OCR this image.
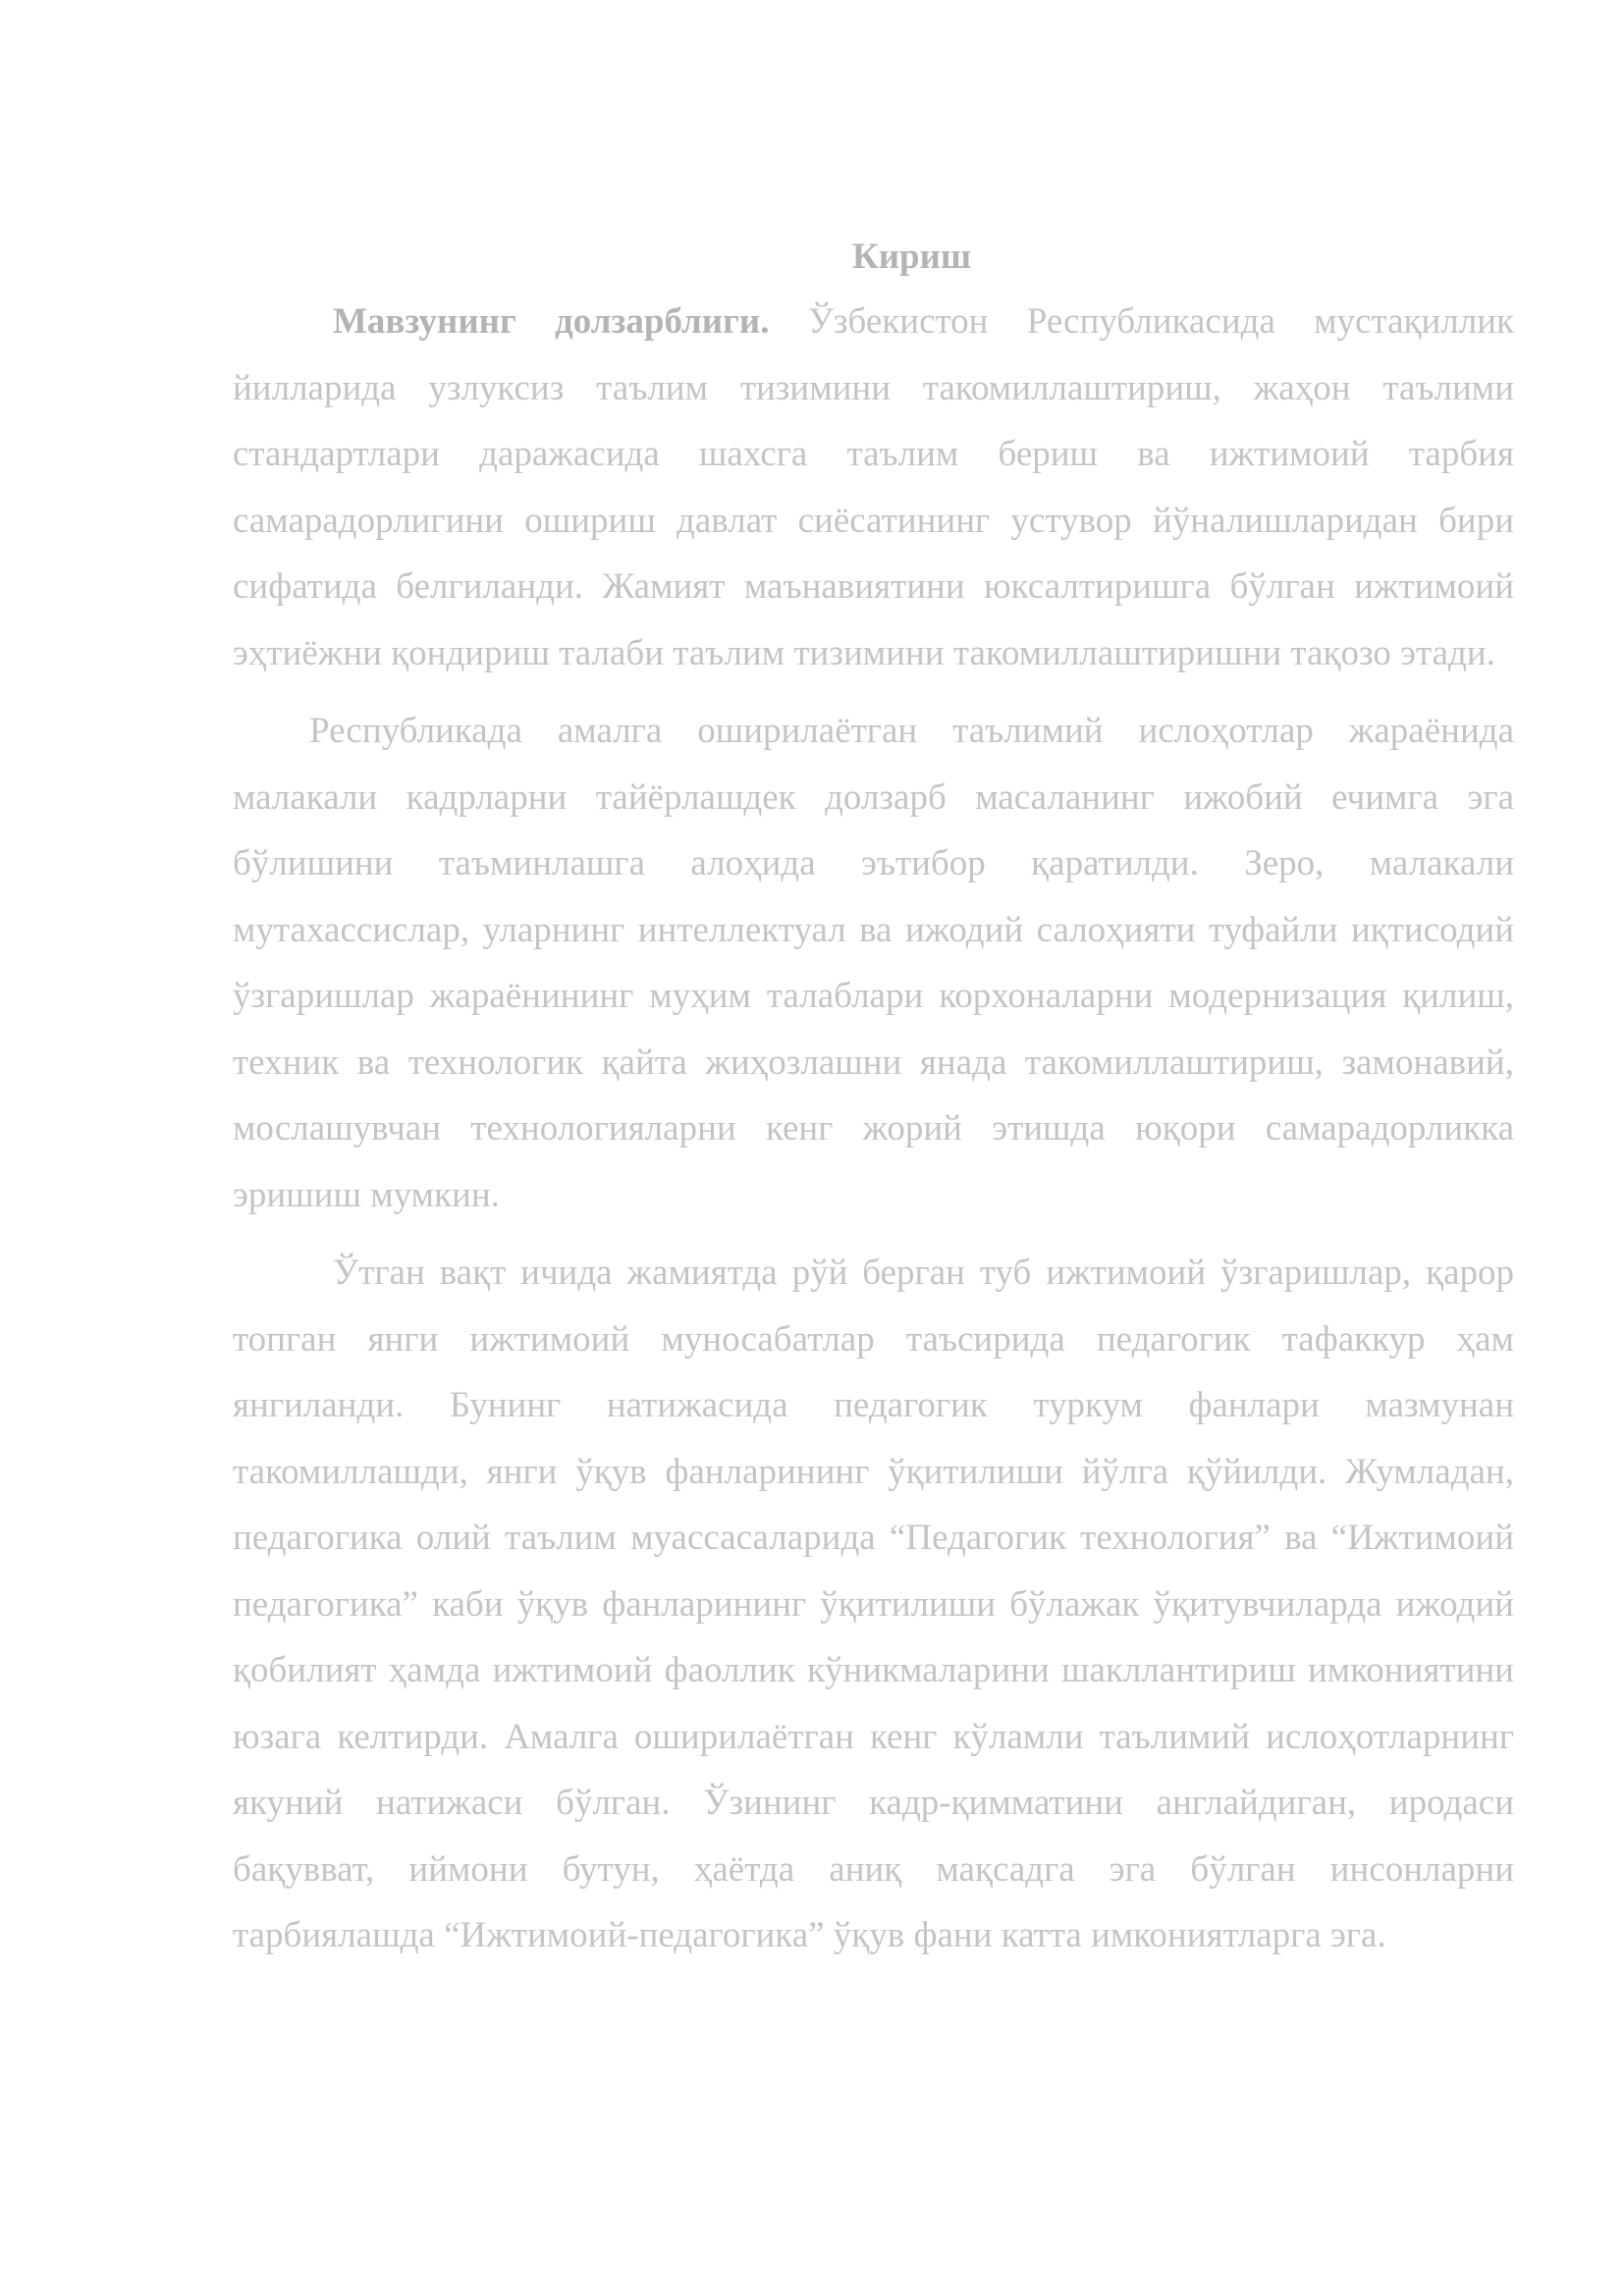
Кириш

Мавзунинг долзарблиги. Ўзбекистон Республикасида мустақиллик йилларида узлуксиз таълим тизимини такомиллаштириш, жаҳон таълими стандартлари даражасида шахсга таълим бериш ва ижтимоий тарбия самарадорлигини ошириш давлат сиёсатининг устувор йўналишларидан бири сифатида белгиланди. Жамият маънавиятини юксалтиришга бўлган ижтимоий эҳтиёжни қондириш талаби таълим тизимини такомиллаштиришни тақозо этади.

Республикада амалга оширилаётган таълимий ислоҳотлар жараёнида малакали кадрларни тайёрлашдек долзарб масаланинг ижобий ечимга эга бўлишини таъминлашга алоҳида эътибор қаратилди. Зеро, малакали мутахассислар, уларнинг интеллектуал ва ижодий салоҳияти туфайли иқтисодий ўзгаришлар жараёнининг муҳим талаблари корхоналарни модернизация қилиш, техник ва технологик қайта жиҳозлашни янада такомиллаштириш, замонавий, мослашувчан технологияларни кенг жорий этишда юқори самарадорликка эришиш мумкин.

Ўтган вақт ичида жамиятда рўй берган туб ижтимоий ўзгаришлар, қарор топган янги ижтимоий муносабатлар таъсирида педагогик тафаккур ҳам янгиланди. Бунинг натижасида педагогик туркум фанлари мазмунан такомиллашди, янги ўқув фанларининг ўқитилиши йўлга қўйилди. Жумладан, педагогика олий таълим муассасаларида “Педагогик технология” ва “Ижтимоий педагогика” каби ўқув фанларининг ўқитилиши бўлажак ўқитувчиларда ижодий қобилият ҳамда ижтимоий фаоллик кўникмаларини шакллантириш имкониятини юзага келтирди. Амалга оширилаётган кенг кўламли таълимий ислоҳотларнинг якуний натижаси бўлган. Ўзининг кадр-қимматини англайдиган, иродаси бақувват, иймони бутун, ҳаётда аниқ мақсадга эга бўлган инсонларни тарбиялашда “Ижтимоий-педагогика” ўқув фани катта имкониятларга эга.
